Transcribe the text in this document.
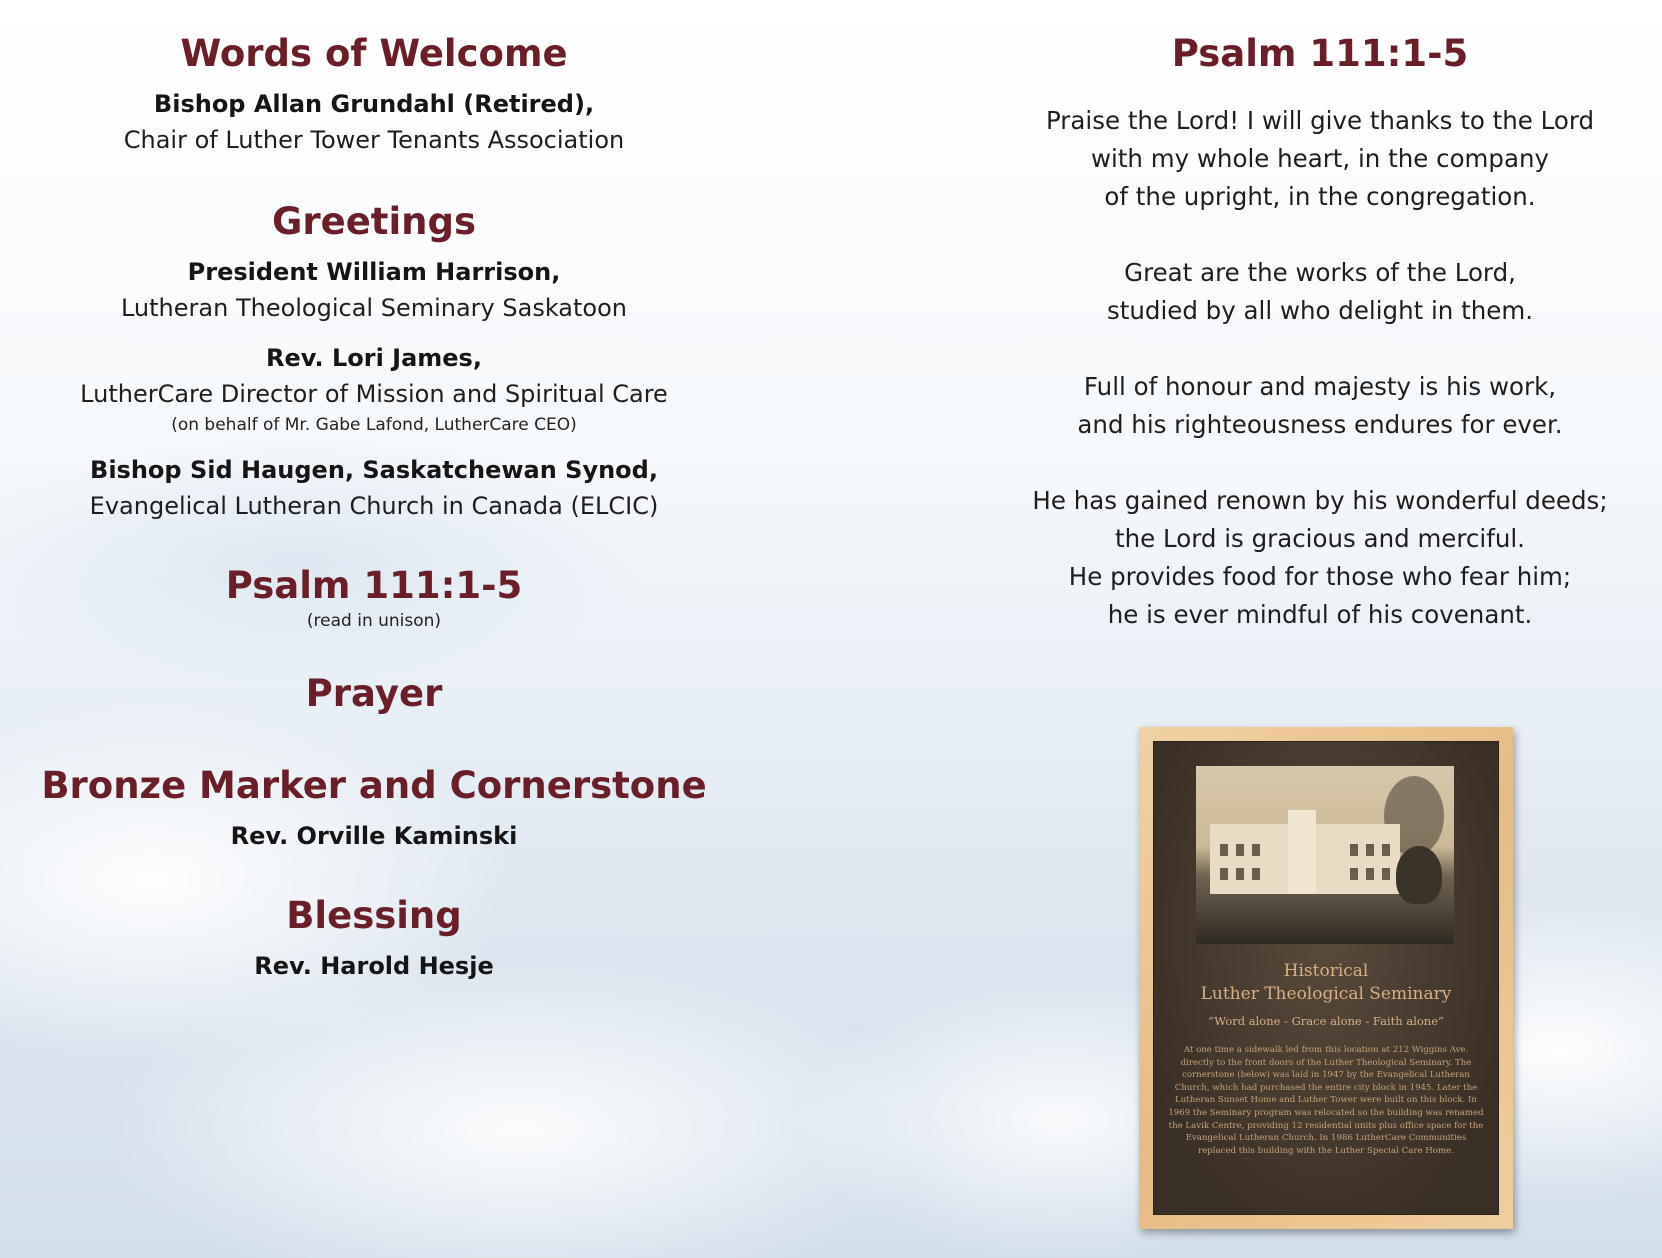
Words of Welcome
Bishop Allan Grundahl (Retired),
Chair of Luther Tower Tenants Association
Greetings
President William Harrison,
Lutheran Theological Seminary Saskatoon
Rev. Lori James,
LutherCare Director of Mission and Spiritual Care
(on behalf of Mr. Gabe Lafond, LutherCare CEO)
Bishop Sid Haugen, Saskatchewan Synod,
Evangelical Lutheran Church in Canada (ELCIC)
Psalm 111:1-5
(read in unison)
Prayer
Bronze Marker and Cornerstone
Rev. Orville Kaminski
Blessing
Rev. Harold Hesje
Psalm 111:1-5
Praise the Lord! I will give thanks to the Lord
with my whole heart, in the company
of the upright, in the congregation.
Great are the works of the Lord,
studied by all who delight in them.
Full of honour and majesty is his work,
and his righteousness endures for ever.
He has gained renown by his wonderful deeds;
the Lord is gracious and merciful.
He provides food for those who fear him;
he is ever mindful of his covenant.
Historical
Luther Theological Seminary
“Word alone - Grace alone - Faith alone”
At one time a sidewalk led from this location at 212 Wiggins Ave. directly to the front doors of the Luther Theological Seminary. The cornerstone (below) was laid in 1947 by the Evangelical Lutheran Church, which had purchased the entire city block in 1945. Later the Lutheran Sunset Home and Luther Tower were built on this block. In 1969 the Seminary program was relocated so the building was renamed the Lavik Centre, providing 12 residential units plus office space for the Evangelical Lutheran Church. In 1986 LutherCare Communities replaced this building with the Luther Special Care Home.
